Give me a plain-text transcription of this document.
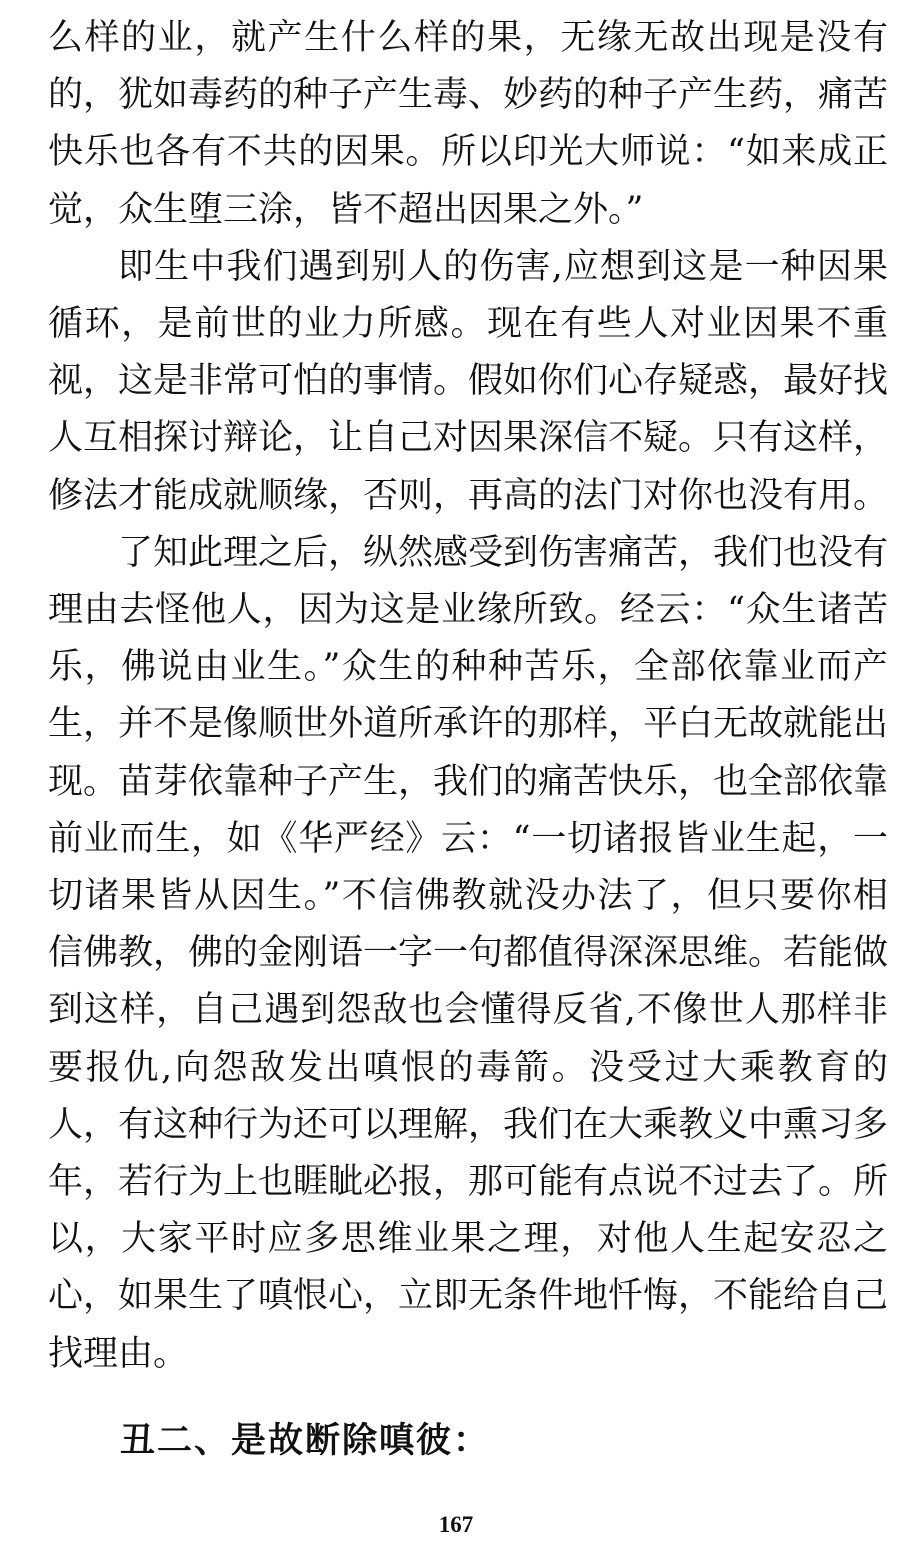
么样的业，就产生什么样的果，无缘无故出现是没有的，犹如毒药的种子产生毒、妙药的种子产生药，痛苦快乐也各有不共的因果。所以印光大师说：“如来成正觉，众生堕三涂，皆不超出因果之外。”

即生中我们遇到别人的伤害,应想到这是一种因果循环，是前世的业力所感。现在有些人对业因果不重视，这是非常可怕的事情。假如你们心存疑惑，最好找人互相探讨辩论，让自己对因果深信不疑。只有这样，修法才能成就顺缘，否则，再高的法门对你也没有用。

了知此理之后，纵然感受到伤害痛苦，我们也没有理由去怪他人，因为这是业缘所致。经云：“众生诸苦乐，佛说由业生。”众生的种种苦乐，全部依靠业而产生，并不是像顺世外道所承许的那样，平白无故就能出现。苗芽依靠种子产生，我们的痛苦快乐，也全部依靠前业而生，如《华严经》云：“一切诸报皆业生起，一切诸果皆从因生。”不信佛教就没办法了，但只要你相信佛教，佛的金刚语一字一句都值得深深思维。若能做到这样，自己遇到怨敌也会懂得反省,不像世人那样非要报仇,向怨敌发出嗔恨的毒箭。没受过大乘教育的人，有这种行为还可以理解，我们在大乘教义中熏习多年，若行为上也睚眦必报，那可能有点说不过去了。所以，大家平时应多思维业果之理，对他人生起安忍之心，如果生了嗔恨心，立即无条件地忏悔，不能给自己找理由。

丑二、是故断除嗔彼：
167
